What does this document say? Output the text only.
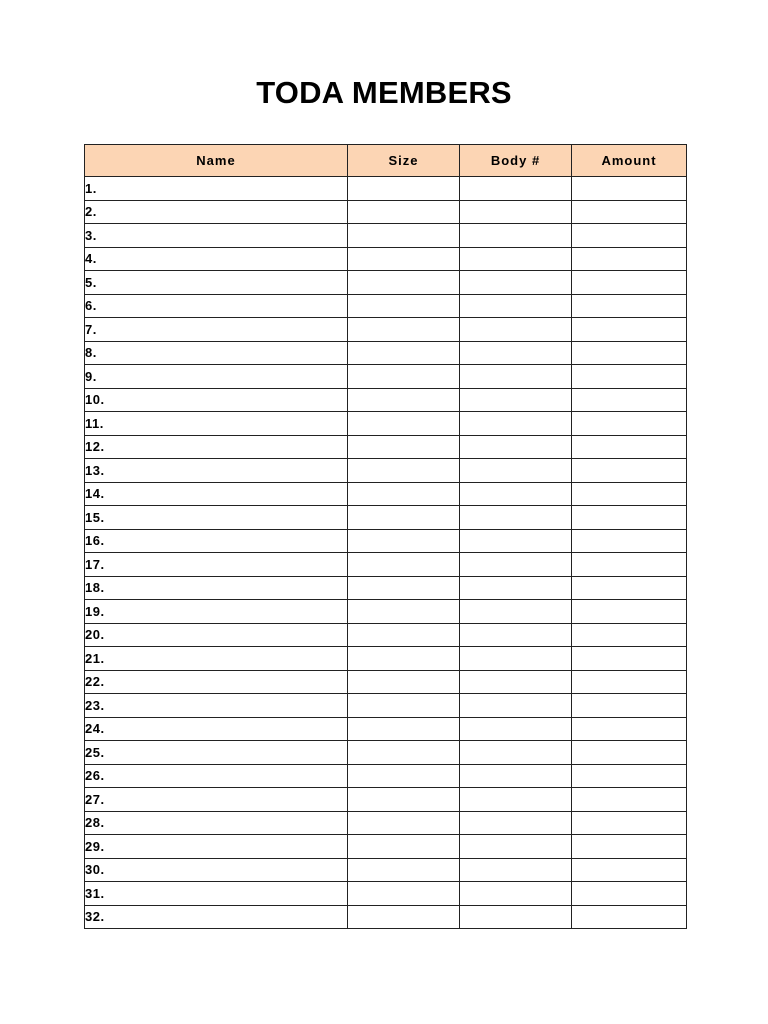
TODA MEMBERS
Name	Size	Body #	Amount
1.			
2.			
3.			
4.			
5.			
6.			
7.			
8.			
9.			
10.			
11.			
12.			
13.			
14.			
15.			
16.			
17.			
18.			
19.			
20.			
21.			
22.			
23.			
24.			
25.			
26.			
27.			
28.			
29.			
30.			
31.			
32.			
